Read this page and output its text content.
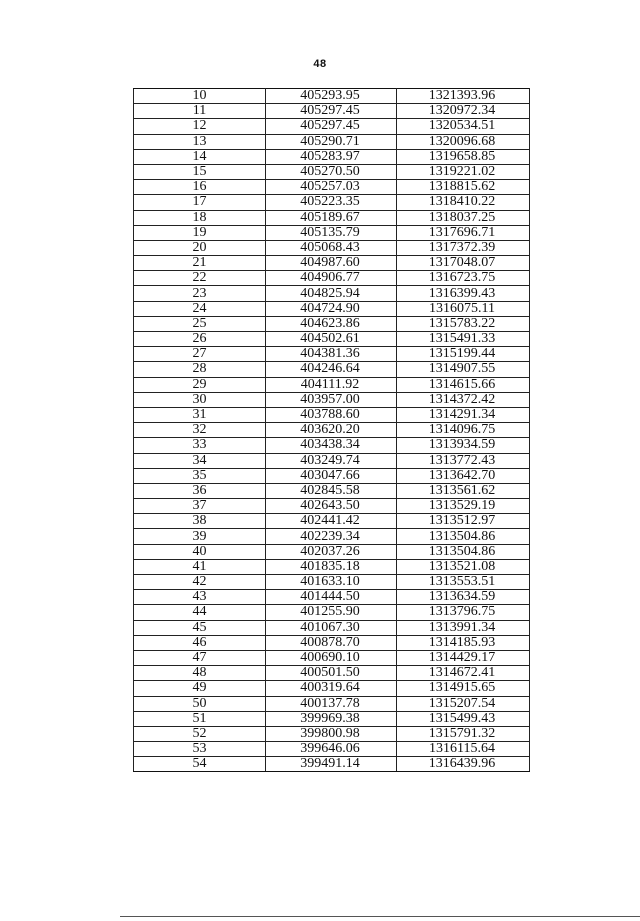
48
10	405293.95	1321393.96
11	405297.45	1320972.34
12	405297.45	1320534.51
13	405290.71	1320096.68
14	405283.97	1319658.85
15	405270.50	1319221.02
16	405257.03	1318815.62
17	405223.35	1318410.22
18	405189.67	1318037.25
19	405135.79	1317696.71
20	405068.43	1317372.39
21	404987.60	1317048.07
22	404906.77	1316723.75
23	404825.94	1316399.43
24	404724.90	1316075.11
25	404623.86	1315783.22
26	404502.61	1315491.33
27	404381.36	1315199.44
28	404246.64	1314907.55
29	404111.92	1314615.66
30	403957.00	1314372.42
31	403788.60	1314291.34
32	403620.20	1314096.75
33	403438.34	1313934.59
34	403249.74	1313772.43
35	403047.66	1313642.70
36	402845.58	1313561.62
37	402643.50	1313529.19
38	402441.42	1313512.97
39	402239.34	1313504.86
40	402037.26	1313504.86
41	401835.18	1313521.08
42	401633.10	1313553.51
43	401444.50	1313634.59
44	401255.90	1313796.75
45	401067.30	1313991.34
46	400878.70	1314185.93
47	400690.10	1314429.17
48	400501.50	1314672.41
49	400319.64	1314915.65
50	400137.78	1315207.54
51	399969.38	1315499.43
52	399800.98	1315791.32
53	399646.06	1316115.64
54	399491.14	1316439.96
